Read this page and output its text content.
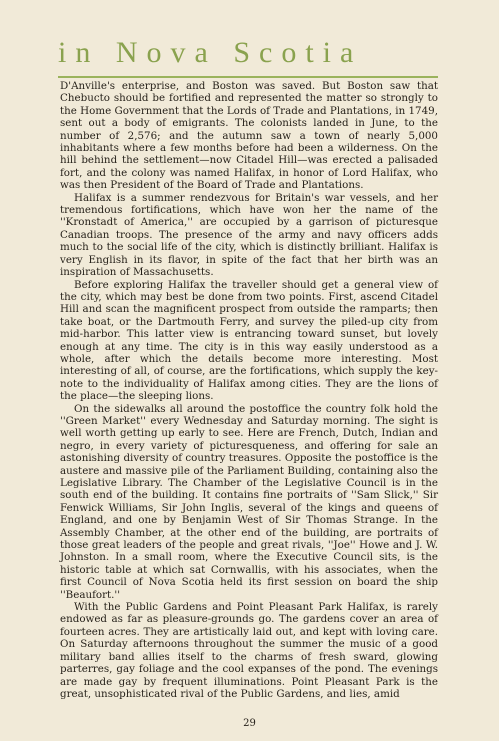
in Nova Scotia

D'Anville's enterprise, and Boston was saved. But Boston saw that Chebucto should be fortified and represented the matter so strongly to the Home Government that the Lords of Trade and Plantations, in 1749, sent out a body of emigrants. The colonists landed in June, to the number of 2,576; and the autumn saw a town of nearly 5,000 inhabitants where a few months before had been a wilderness. On the hill behind the settlement—now Citadel Hill—was erected a palisaded fort, and the colony was named Halifax, in honor of Lord Halifax, who was then President of the Board of Trade and Plantations.

Halifax is a summer rendezvous for Britain's war vessels, and her tremendous fortifications, which have won her the name of the ''Kronstadt of America,'' are occupied by a garrison of picturesque Canadian troops. The presence of the army and navy officers adds much to the social life of the city, which is distinctly brilliant. Halifax is very English in its flavor, in spite of the fact that her birth was an inspiration of Massachusetts.

Before exploring Halifax the traveller should get a general view of the city, which may best be done from two points. First, ascend Citadel Hill and scan the magnificent prospect from outside the ramparts; then take boat, or the Dartmouth Ferry, and survey the piled-up city from mid-harbor. This latter view is entrancing toward sunset, but lovely enough at any time. The city is in this way easily understood as a whole, after which the details become more interesting. Most interesting of all, of course, are the fortifications, which supply the key-note to the individuality of Halifax among cities. They are the lions of the place—the sleeping lions.

On the sidewalks all around the postoffice the country folk hold the ''Green Market'' every Wednesday and Saturday morning. The sight is well worth getting up early to see. Here are French, Dutch, Indian and negro, in every variety of picturesqueness, and offering for sale an astonishing diversity of country treasures. Opposite the postoffice is the austere and massive pile of the Parliament Building, containing also the Legislative Library. The Chamber of the Legislative Council is in the south end of the building. It contains fine portraits of ''Sam Slick,'' Sir Fenwick Williams, Sir John Inglis, several of the kings and queens of England, and one by Benjamin West of Sir Thomas Strange. In the Assembly Chamber, at the other end of the building, are portraits of those great leaders of the people and great rivals, ''Joe'' Howe and J. W. Johnston. In a small room, where the Executive Council sits, is the historic table at which sat Cornwallis, with his associates, when the first Council of Nova Scotia held its first session on board the ship ''Beaufort.''

With the Public Gardens and Point Pleasant Park Halifax, is rarely endowed as far as pleasure-grounds go. The gardens cover an area of fourteen acres. They are artistically laid out, and kept with loving care. On Saturday afternoons throughout the summer the music of a good military band allies itself to the charms of fresh sward, glowing parterres, gay foliage and the cool expanses of the pond. The evenings are made gay by frequent illuminations. Point Pleasant Park is the great, unsophisticated rival of the Public Gardens, and lies, amid

29
